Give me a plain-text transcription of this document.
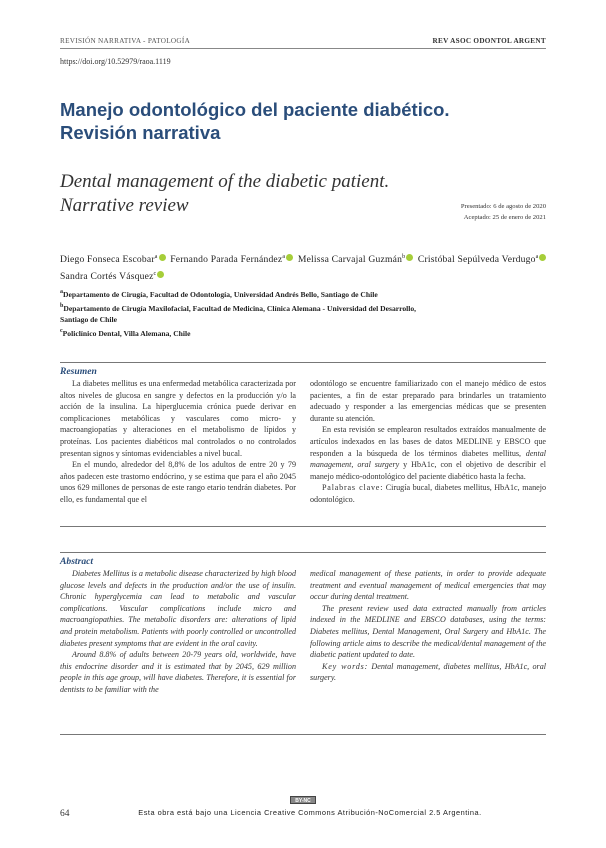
REVISIÓN NARRATIVA - PATOLOGÍA	REV ASOC ODONTOL ARGENT
https://doi.org/10.52979/raoa.1119
Manejo odontológico del paciente diabético.
Revisión narrativa
Dental management of the diabetic patient.
Narrative review	Presentado: 6 de agosto de 2020
Aceptado: 25 de enero de 2021
Diego Fonseca Escobar$^a$ Fernando Parada Fernández$^a$ Melissa Carvajal Guzmán$^b$ Cristóbal Sepúlveda Verdugo$^a$ Sandra Cortés Vásquez$^c$
$^a$Departamento de Cirugía, Facultad de Odontología, Universidad Andrés Bello, Santiago de Chile
$^b$Departamento de Cirugía Maxilofacial, Facultad de Medicina, Clínica Alemana - Universidad del Desarrollo,
Santiago de Chile
$^c$Policlínico Dental, Villa Alemana, Chile
Resumen

La diabetes mellitus es una enfermedad metabólica caracterizada por altos niveles de glucosa en sangre y defectos en la producción y/o la acción de la insulina. La hiperglucemia crónica puede derivar en complicaciones metabólicas y vasculares como micro- y macroangiopatías y alteraciones en el metabolismo de lípidos y proteínas. Los pacientes diabéticos mal controlados o no controlados presentan signos y síntomas evidenciables a nivel bucal.

En el mundo, alrededor del 8,8% de los adultos de entre 20 y 79 años padecen este trastorno endócrino, y se estima que para el año 2045 unos 629 millones de personas de este rango etario tendrán diabetes. Por ello, es fundamental que el

odontólogo se encuentre familiarizado con el manejo médico de estos pacientes, a fin de estar preparado para brindarles un tratamiento adecuado y responder a las emergencias médicas que se presenten durante su atención.

En esta revisión se emplearon resultados extraídos manualmente de artículos indexados en las bases de datos MEDLINE y EBSCO que responden a la búsqueda de los términos diabetes mellitus, dental management, oral surgery y HbA1c, con el objetivo de describir el manejo médico-odontológico del paciente diabético hasta la fecha.

Palabras clave: Cirugía bucal, diabetes mellitus, HbA1c, manejo odontológico.

Abstract

Diabetes Mellitus is a metabolic disease characterized by high blood glucose levels and defects in the production and/or the use of insulin. Chronic hyperglycemia can lead to metabolic and vascular complications. Vascular complications include micro and macroangiopathies. The metabolic disorders are: alterations of lipid and protein metabolism. Patients with poorly controlled or uncontrolled diabetes present symptoms that are evident in the oral cavity.

Around 8.8% of adults between 20-79 years old, worldwide, have this endocrine disorder and it is estimated that by 2045, 629 million people in this age group, will have diabetes. Therefore, it is essential for dentists to be familiar with the

medical management of these patients, in order to provide adequate treatment and eventual management of medical emergencies that may occur during dental treatment.

The present review used data extracted manually from articles indexed in the MEDLINE and EBSCO databases, using the terms: Diabetes mellitus, Dental Management, Oral Surgery and HbA1c. The following article aims to describe the medical/dental management of the diabetic patient updated to date.

Key words: Dental management, diabetes mellitus, HbA1c, oral surgery.

64
BY-NC
Esta obra está bajo una Licencia Creative Commons Atribución-NoComercial 2.5 Argentina.
